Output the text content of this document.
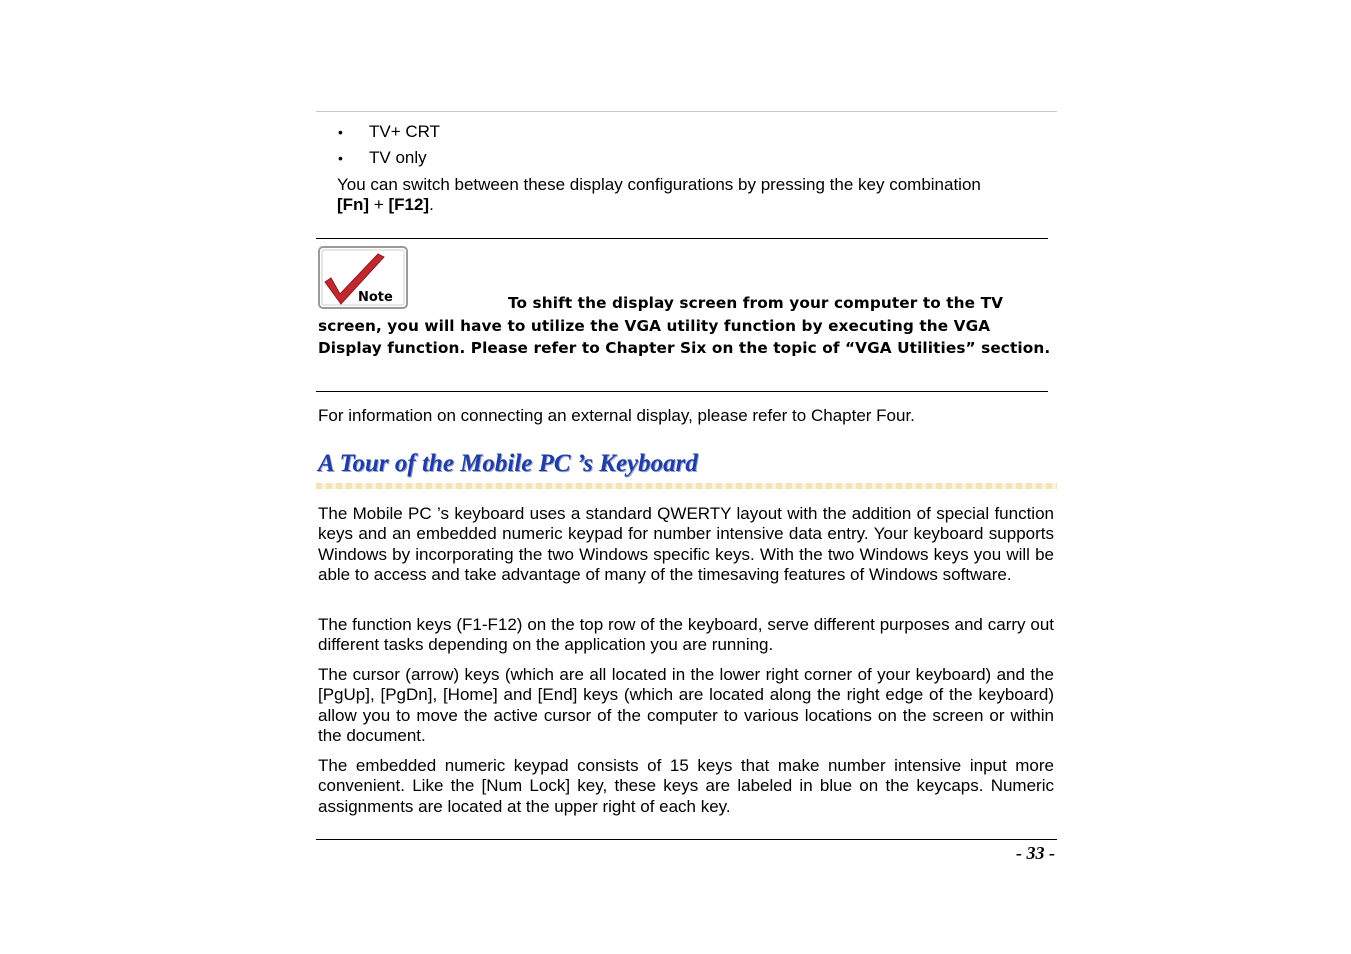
• TV+ CRT
• TV only
You can switch between these display configurations by pressing the key combination
[Fn] + [F12].
Note	To shift the display screen from your computer to the TV
screen, you will have to utilize the VGA utility function by executing the VGA Display function. Please refer to Chapter Six on the topic of “VGA Utilities” section.
For information on connecting an external display, please refer to Chapter Four.
A Tour of the Mobile PC ’s Keyboard
The Mobile PC ’s keyboard uses a standard QWERTY layout with the addition of special function keys and an embedded numeric keypad for number intensive data entry. Your keyboard supports Windows by incorporating the two Windows specific keys. With the two Windows keys you will be able to access and take advantage of many of the timesaving features of Windows software.
The function keys (F1-F12) on the top row of the keyboard, serve different purposes and carry out different tasks depending on the application you are running.
The cursor (arrow) keys (which are all located in the lower right corner of your keyboard) and the [PgUp], [PgDn], [Home] and [End] keys (which are located along the right edge of the keyboard) allow you to move the active cursor of the computer to various locations on the screen or within the document.
The embedded numeric keypad consists of 15 keys that make number intensive input more convenient. Like the [Num Lock] key, these keys are labeled in blue on the keycaps. Numeric assignments are located at the upper right of each key.
- 33 -
